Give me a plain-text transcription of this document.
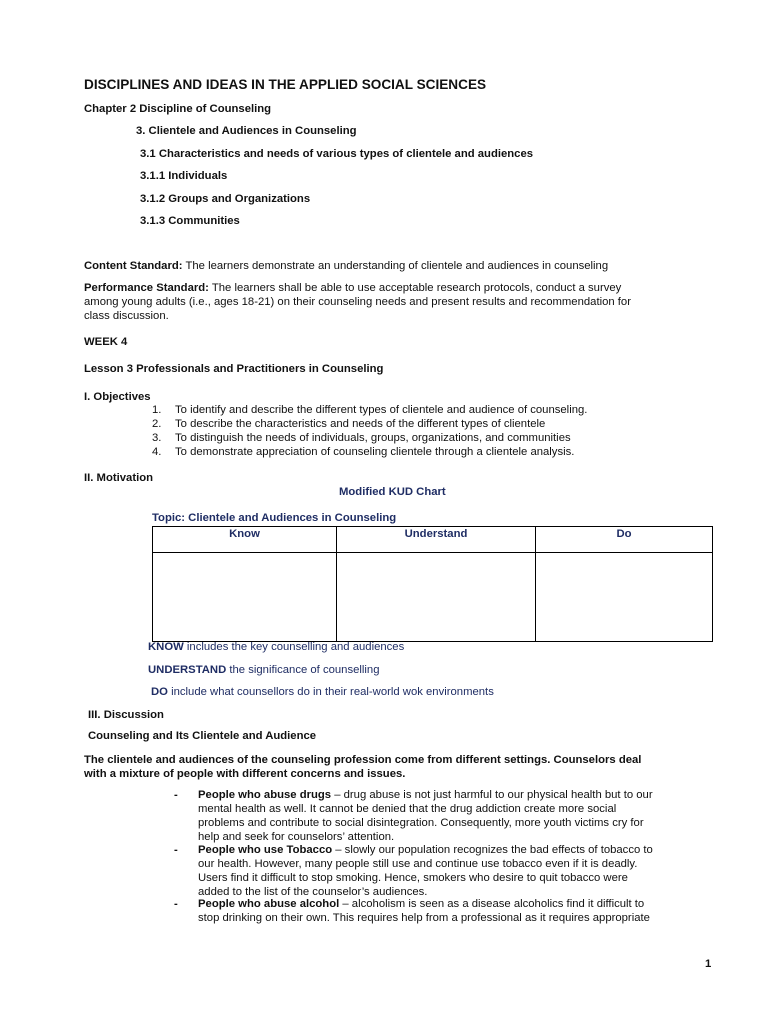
DISCIPLINES AND IDEAS IN THE APPLIED SOCIAL SCIENCES

Chapter 2 Discipline of Counseling

3. Clientele and Audiences in Counseling

3.1 Characteristics and needs of various types of clientele and audiences

3.1.1 Individuals

3.1.2 Groups and Organizations

3.1.3 Communities

Content Standard: The learners demonstrate an understanding of clientele and audiences in counseling

Performance Standard: The learners shall be able to use acceptable research protocols, conduct a survey

among young adults (i.e., ages 18-21) on their counseling needs and present results and recommendation for

class discussion.

WEEK 4

Lesson 3 Professionals and Practitioners in Counseling

I. Objectives

1. To identify and describe the different types of clientele and audience of counseling.
2. To describe the characteristics and needs of the different types of clientele
3. To distinguish the needs of individuals, groups, organizations, and communities
4. To demonstrate appreciation of counseling clientele through a clientele analysis.

II. Motivation

Modified KUD Chart

Topic: Clientele and Audiences in Counseling

Know	Understand	Do

KNOW includes the key counselling and audiences

UNDERSTAND the significance of counselling

DO include what counsellors do in their real-world wok environments

III. Discussion

Counseling and Its Clientele and Audience

The clientele and audiences of the counseling profession come from different settings. Counselors deal

with a mixture of people with different concerns and issues.

- People who abuse drugs – drug abuse is not just harmful to our physical health but to our
mental health as well. It cannot be denied that the drug addiction create more social
problems and contribute to social disintegration. Consequently, more youth victims cry for
help and seek for counselors’ attention.
- People who use Tobacco – slowly our population recognizes the bad effects of tobacco to
our health. However, many people still use and continue use tobacco even if it is deadly.
Users find it difficult to stop smoking. Hence, smokers who desire to quit tobacco were
added to the list of the counselor’s audiences.
- People who abuse alcohol – alcoholism is seen as a disease alcoholics find it difficult to
stop drinking on their own. This requires help from a professional as it requires appropriate

1
